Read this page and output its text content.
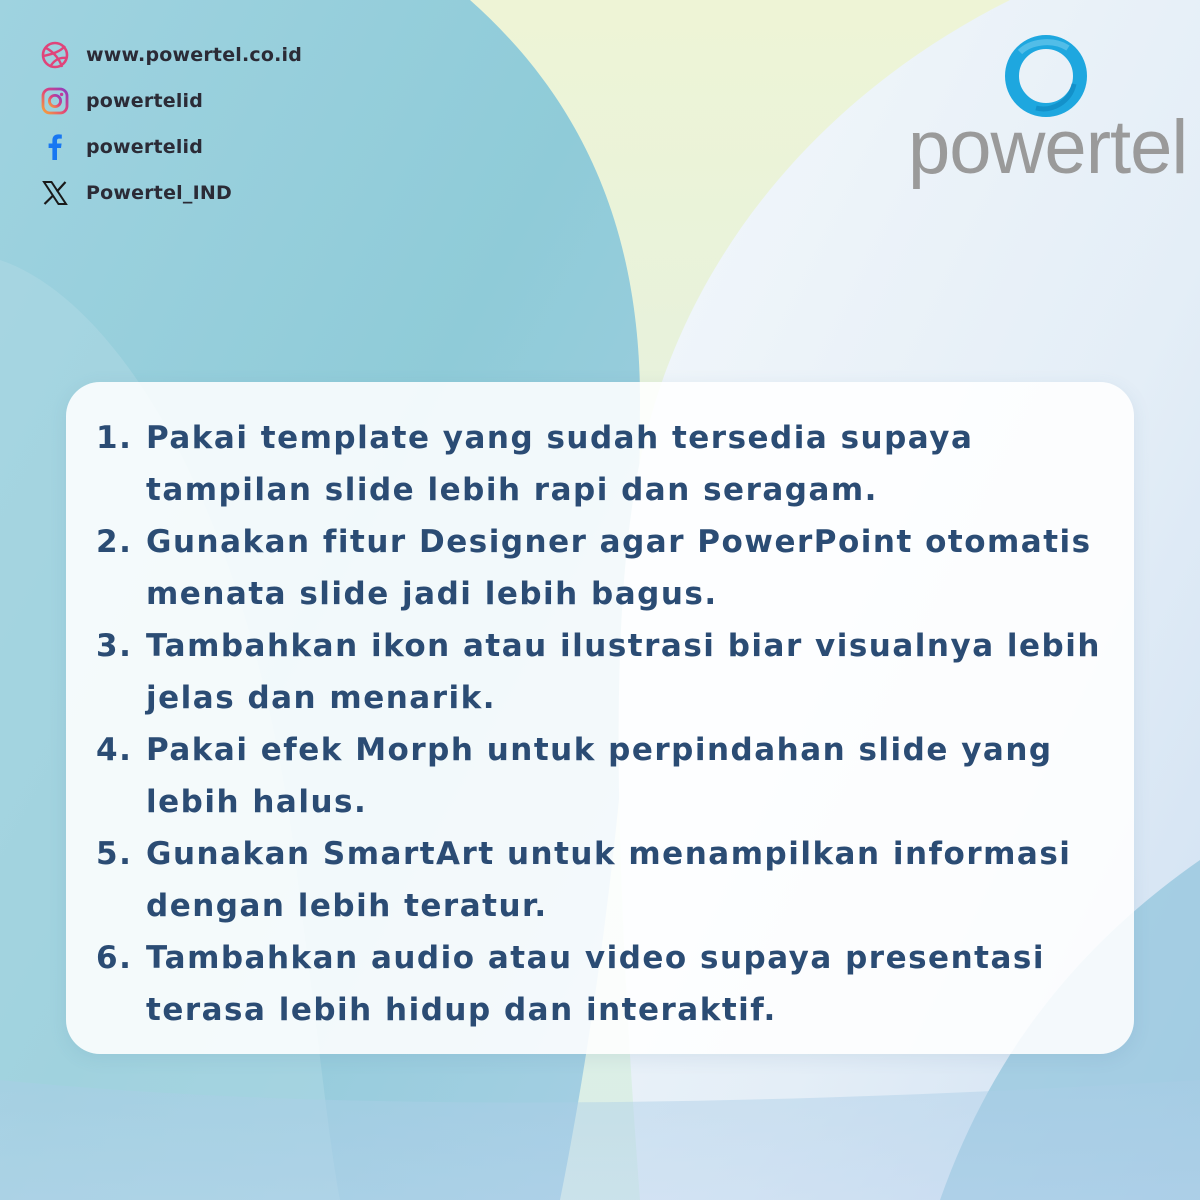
www.powertel.co.id
powertelid
powertelid
Powertel_IND
powertel
1. Pakai template yang sudah tersedia supaya tampilan slide lebih rapi dan seragam.
2. Gunakan fitur Designer agar PowerPoint otomatis menata slide jadi lebih bagus.
3. Tambahkan ikon atau ilustrasi biar visualnya lebih jelas dan menarik.
4. Pakai efek Morph untuk perpindahan slide yang lebih halus.
5. Gunakan SmartArt untuk menampilkan informasi dengan lebih teratur.
6. Tambahkan audio atau video supaya presentasi terasa lebih hidup dan interaktif.
